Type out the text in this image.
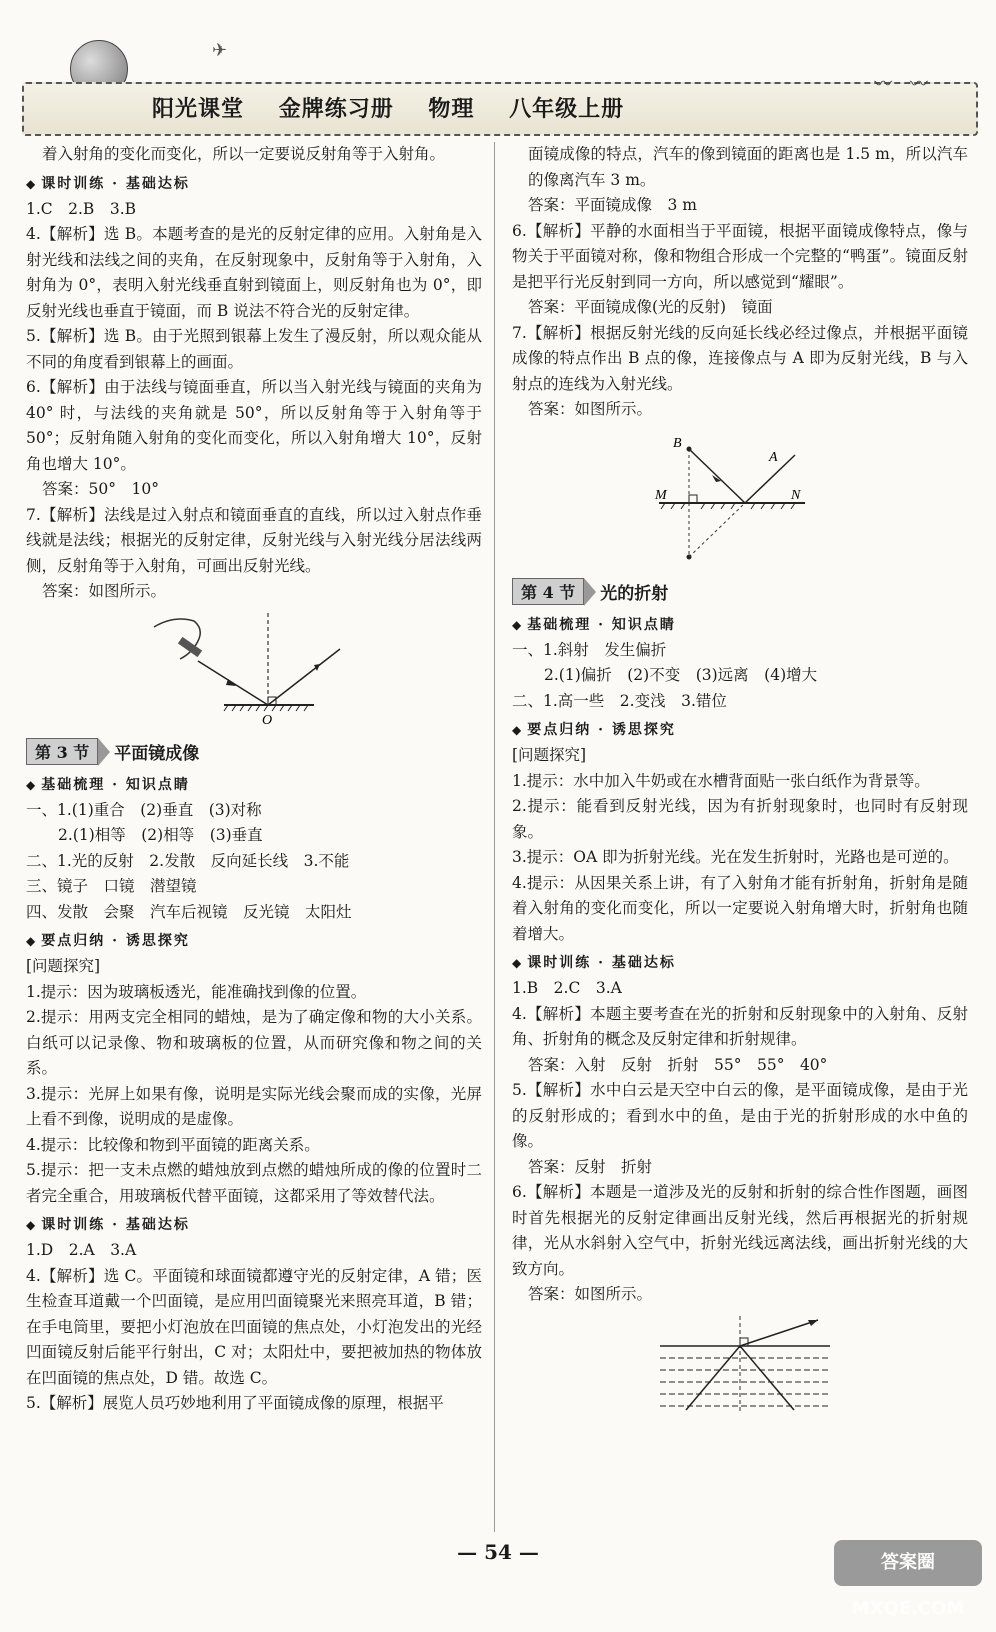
✈
阳光课堂 金牌练习册 物理 八年级上册
〰 〰

着入射角的变化而变化，所以一定要说反射角等于入射角。

◆ 课时训练 · 基础达标

1.C　2.B　3.B

4.【解析】选 B。本题考查的是光的反射定律的应用。入射角是入射光线和法线之间的夹角，在反射现象中，反射角等于入射角，入射角为 0°，表明入射光线垂直射到镜面上，则反射角也为 0°，即反射光线也垂直于镜面，而 B 说法不符合光的反射定律。

5.【解析】选 B。由于光照到银幕上发生了漫反射，所以观众能从不同的角度看到银幕上的画面。

6.【解析】由于法线与镜面垂直，所以当入射光线与镜面的夹角为 40° 时，与法线的夹角就是 50°，所以反射角等于入射角等于 50°；反射角随入射角的变化而变化，所以入射角增大 10°，反射角也增大 10°。

答案：50°　10°

7.【解析】法线是过入射点和镜面垂直的直线，所以过入射点作垂线就是法线；根据光的反射定律，反射光线与入射光线分居法线两侧，反射角等于入射角，可画出反射光线。

答案：如图所示。

O
第 3 节	平面镜成像

◆ 基础梳理 · 知识点睛

一、1.(1)重合　(2)垂直　(3)对称

2.(1)相等　(2)相等　(3)垂直

二、1.光的反射　2.发散　反向延长线　3.不能

三、镜子　口镜　潜望镜

四、发散　会聚　汽车后视镜　反光镜　太阳灶

◆ 要点归纳 · 诱思探究

[问题探究]

1.提示：因为玻璃板透光，能准确找到像的位置。

2.提示：用两支完全相同的蜡烛，是为了确定像和物的大小关系。白纸可以记录像、物和玻璃板的位置，从而研究像和物之间的关系。

3.提示：光屏上如果有像，说明是实际光线会聚而成的实像，光屏上看不到像，说明成的是虚像。

4.提示：比较像和物到平面镜的距离关系。

5.提示：把一支未点燃的蜡烛放到点燃的蜡烛所成的像的位置时二者完全重合，用玻璃板代替平面镜，这都采用了等效替代法。

◆ 课时训练 · 基础达标

1.D　2.A　3.A

4.【解析】选 C。平面镜和球面镜都遵守光的反射定律，A 错；医生检查耳道戴一个凹面镜，是应用凹面镜聚光来照亮耳道，B 错；在手电筒里，要把小灯泡放在凹面镜的焦点处，小灯泡发出的光经凹面镜反射后能平行射出，C 对；太阳灶中，要把被加热的物体放在凹面镜的焦点处，D 错。故选 C。

5.【解析】展览人员巧妙地利用了平面镜成像的原理，根据平

面镜成像的特点，汽车的像到镜面的距离也是 1.5 m，所以汽车的像离汽车 3 m。

答案：平面镜成像　3 m

6.【解析】平静的水面相当于平面镜，根据平面镜成像特点，像与物关于平面镜对称，像和物组合形成一个完整的“鸭蛋”。镜面反射是把平行光反射到同一方向，所以感觉到“耀眼”。

答案：平面镜成像(光的反射)　镜面

7.【解析】根据反射光线的反向延长线必经过像点，并根据平面镜成像的特点作出 B 点的像，连接像点与 A 即为反射光线，B 与入射点的连线为入射光线。

答案：如图所示。

B
A
M	N
第 4 节	光的折射

◆ 基础梳理 · 知识点睛

一、1.斜射　发生偏折

2.(1)偏折　(2)不变　(3)远离　(4)增大

二、1.高一些　2.变浅　3.错位

◆ 要点归纳 · 诱思探究

[问题探究]

1.提示：水中加入牛奶或在水槽背面贴一张白纸作为背景等。

2.提示：能看到反射光线，因为有折射现象时，也同时有反射现象。

3.提示：OA 即为折射光线。光在发生折射时，光路也是可逆的。

4.提示：从因果关系上讲，有了入射角才能有折射角，折射角是随着入射角的变化而变化，所以一定要说入射角增大时，折射角也随着增大。

◆ 课时训练 · 基础达标

1.B　2.C　3.A

4.【解析】本题主要考查在光的折射和反射现象中的入射角、反射角、折射角的概念及反射定律和折射规律。

答案：入射　反射　折射　55°　55°　40°

5.【解析】水中白云是天空中白云的像，是平面镜成像，是由于光的反射形成的；看到水中的鱼，是由于光的折射形成的水中鱼的像。

答案：反射　折射

6.【解析】本题是一道涉及光的反射和折射的综合性作图题，画图时首先根据光的反射定律画出反射光线，然后再根据光的折射规律，光从水斜射入空气中，折射光线远离法线，画出折射光线的大致方向。

答案：如图所示。

— 54 —	答案圈 MXQE.COM
